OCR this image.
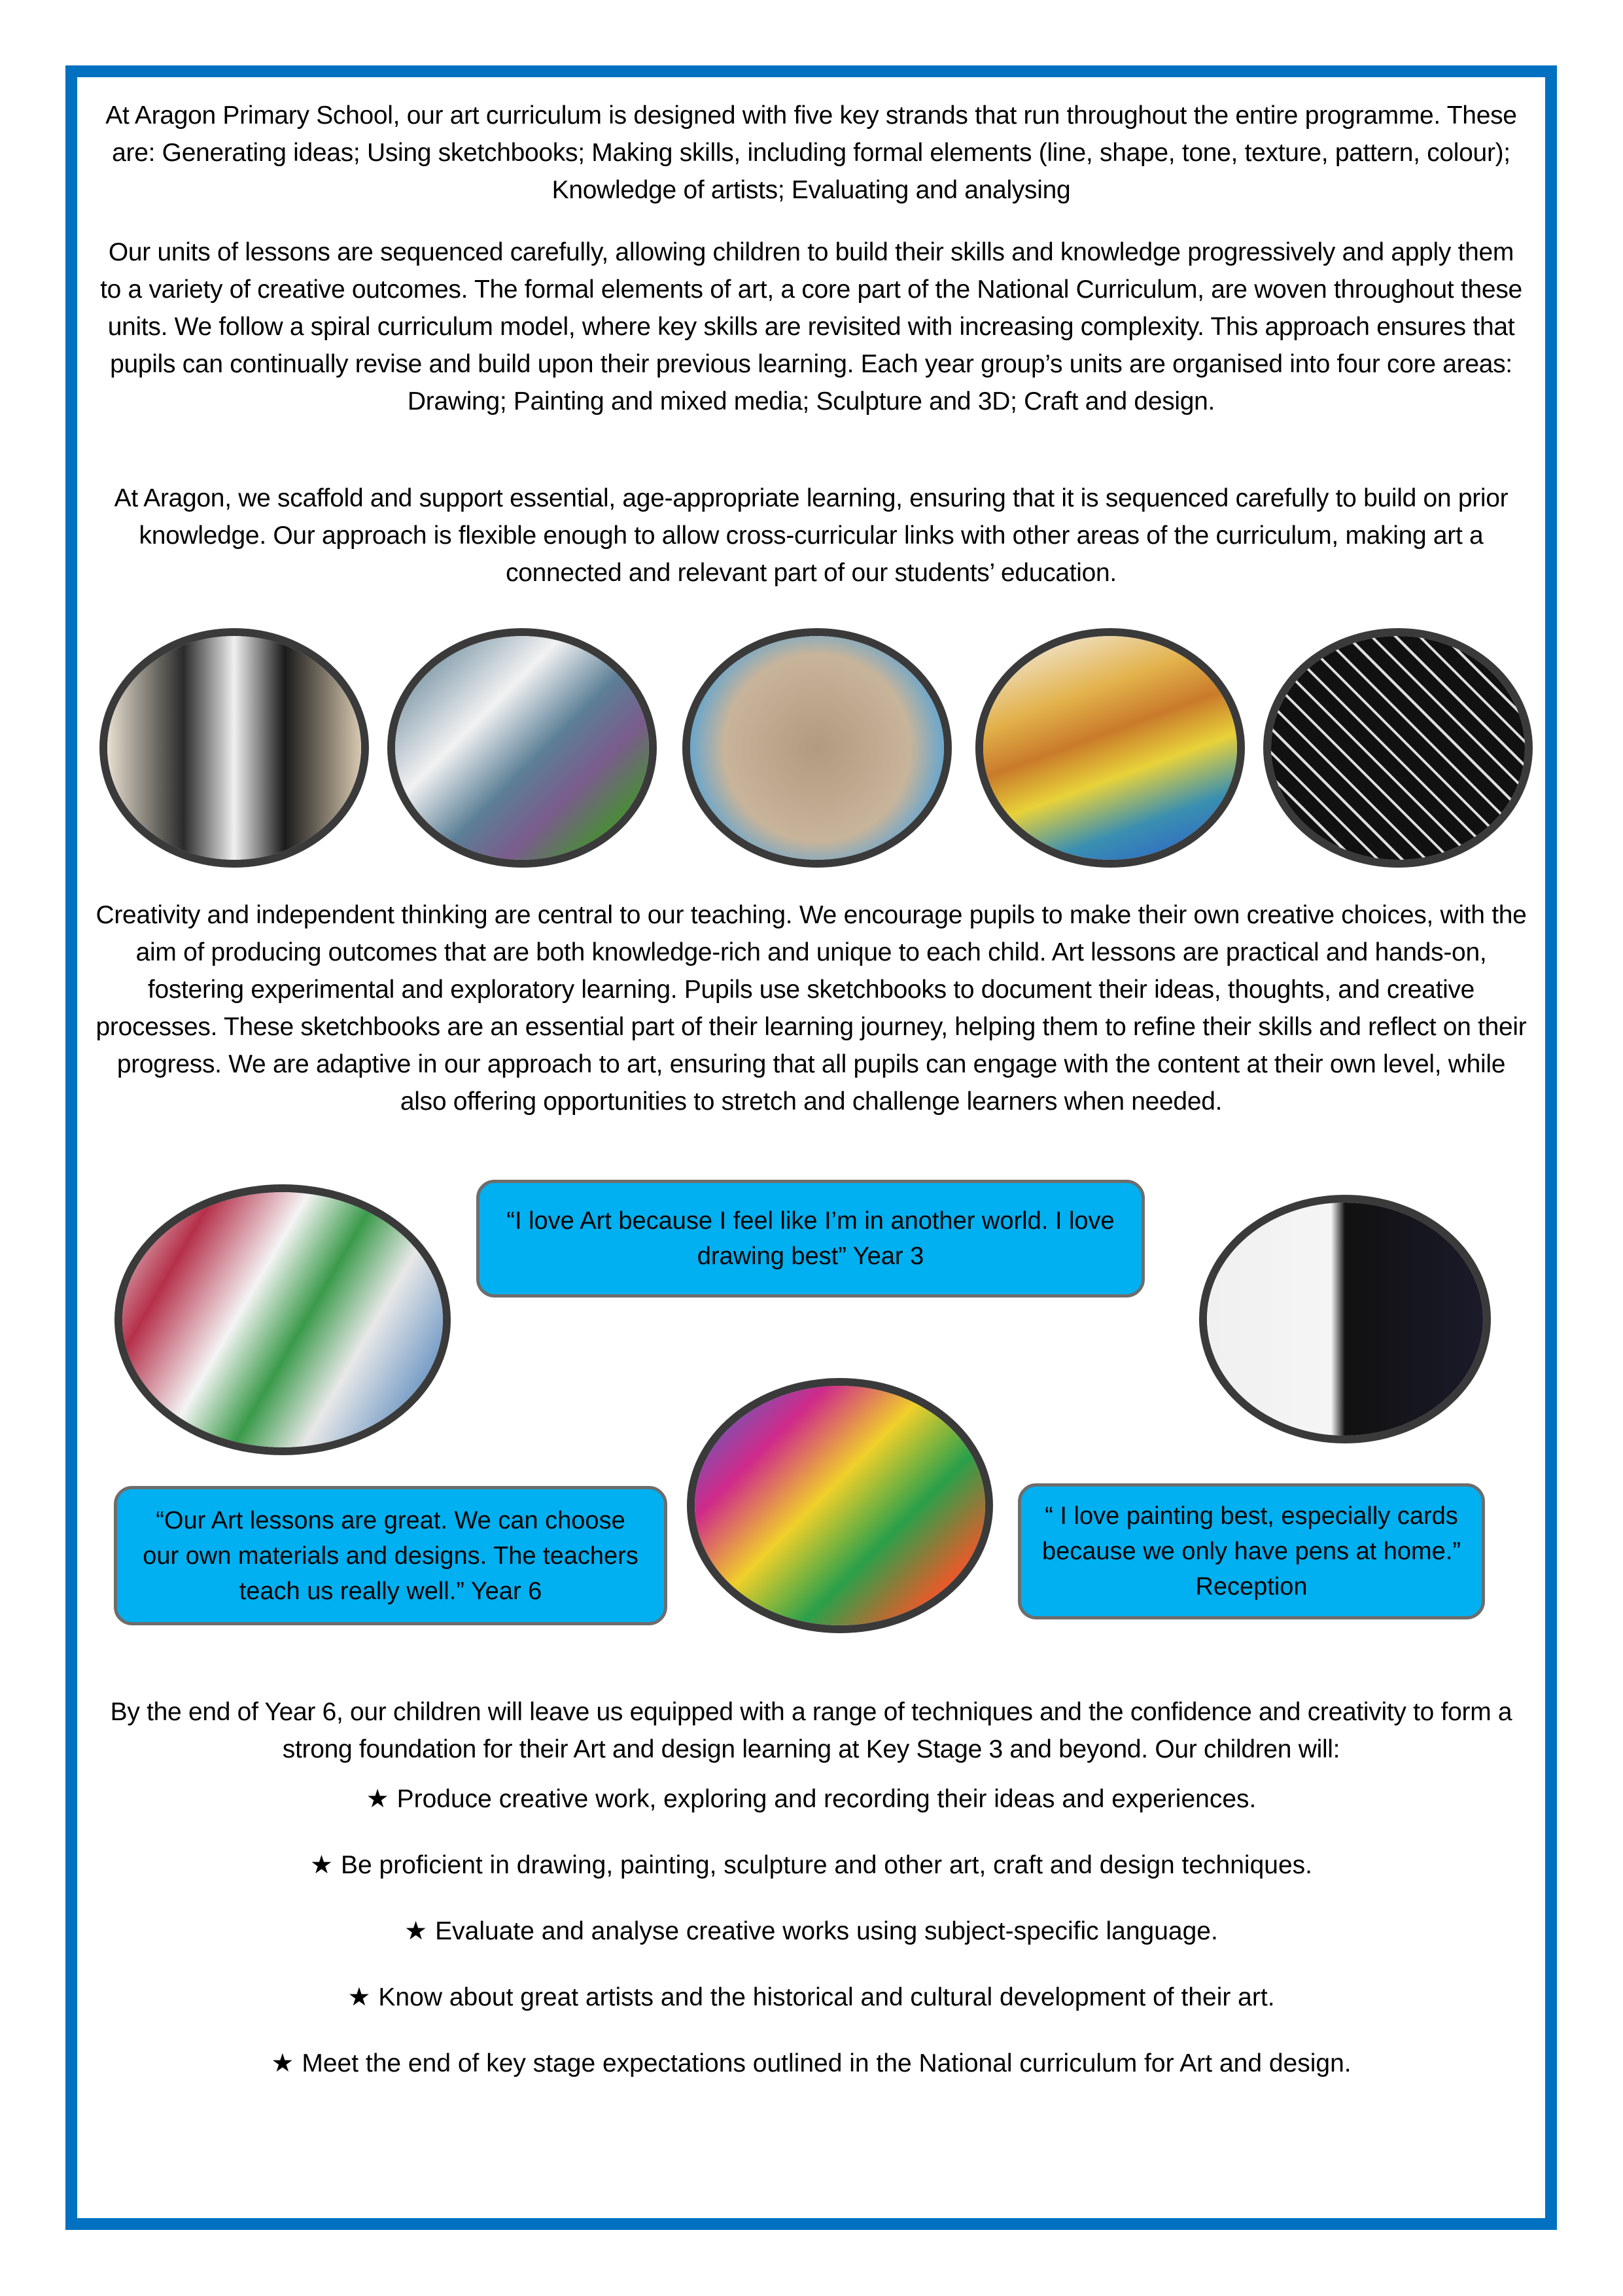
At Aragon Primary School, our art curriculum is designed with five key strands that run throughout the entire programme. These are: Generating ideas; Using sketchbooks; Making skills, including formal elements (line, shape, tone, texture, pattern, colour); Knowledge of artists; Evaluating and analysing

Our units of lessons are sequenced carefully, allowing children to build their skills and knowledge progressively and apply them to a variety of creative outcomes. The formal elements of art, a core part of the National Curriculum, are woven throughout these units. We follow a spiral curriculum model, where key skills are revisited with increasing complexity. This approach ensures that pupils can continually revise and build upon their previous learning. Each year group’s units are organised into four core areas: Drawing; Painting and mixed media; Sculpture and 3D; Craft and design.

At Aragon, we scaffold and support essential, age-appropriate learning, ensuring that it is sequenced carefully to build on prior knowledge. Our approach is flexible enough to allow cross-curricular links with other areas of the curriculum, making art a connected and relevant part of our students’ education.

Creativity and independent thinking are central to our teaching. We encourage pupils to make their own creative choices, with the aim of producing outcomes that are both knowledge-rich and unique to each child. Art lessons are practical and hands-on, fostering experimental and exploratory learning. Pupils use sketchbooks to document their ideas, thoughts, and creative processes. These sketchbooks are an essential part of their learning journey, helping them to refine their skills and reflect on their progress. We are adaptive in our approach to art, ensuring that all pupils can engage with the content at their own level, while also offering opportunities to stretch and challenge learners when needed.

“I love Art because I feel like I’m in another world. I love drawing best” Year 3
“Our Art lessons are great. We can choose our own materials and designs. The teachers teach us really well.” Year 6
“ I love painting best, especially cards because we only have pens at home.” Reception

By the end of Year 6, our children will leave us equipped with a range of techniques and the confidence and creativity to form a strong foundation for their Art and design learning at Key Stage 3 and beyond. Our children will:

★ Produce creative work, exploring and recording their ideas and experiences.
★ Be proficient in drawing, painting, sculpture and other art, craft and design techniques.
★ Evaluate and analyse creative works using subject-specific language.
★ Know about great artists and the historical and cultural development of their art.
★ Meet the end of key stage expectations outlined in the National curriculum for Art and design.
